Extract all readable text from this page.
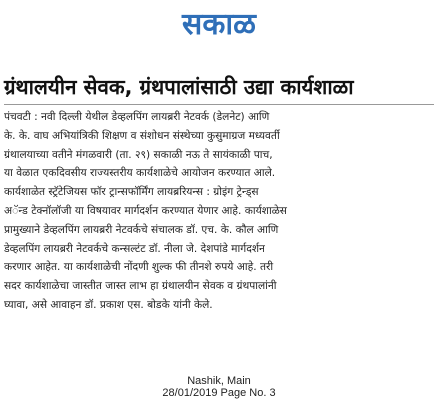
सकाळ
ग्रंथालयीन सेवक, ग्रंथपालांसाठी उद्या कार्यशाळा
पंचवटी : नवी दिल्ली येथील डेव्हलपिंग लायब्ररी नेटवर्क (डेलनेट) आणि
के. के. वाघ अभियांत्रिकी शिक्षण व संशोधन संस्थेच्या कुसुमाग्रज मध्यवर्ती
ग्रंथालयाच्या वतीने मंगळवारी (ता. २९) सकाळी नऊ ते सायंकाळी पाच,
या वेळात एकदिवसीय राज्यस्तरीय कार्यशाळेचे आयोजन करण्यात आले.
कार्यशाळेत स्ट्रॅटेजियस फॉर ट्रान्सफॉर्मिंग लायब्ररियन्स : ग्रोइंग ट्रेन्ड्स
अॅन्ड टेक्नॉलॉजी या विषयावर मार्गदर्शन करण्यात येणार आहे. कार्यशाळेस
प्रामुख्याने डेव्हलपिंग लायब्ररी नेटवर्कचे संचालक डॉ. एच. के. कौल आणि
डेव्हलपिंग लायब्ररी नेटवर्कचे कन्सल्टंट डॉ. नीला जे. देशपांडे मार्गदर्शन
करणार आहेत. या कार्यशाळेची नोंदणी शुल्क फी तीनशे रुपये आहे. तरी
सदर कार्यशाळेचा जास्तीत जास्त लाभ हा ग्रंथालयीन सेवक व ग्रंथपालांनी
घ्यावा, असे आवाहन डॉ. प्रकाश एस. बोडके यांनी केले.
Nashik, Main
28/01/2019 Page No. 3
